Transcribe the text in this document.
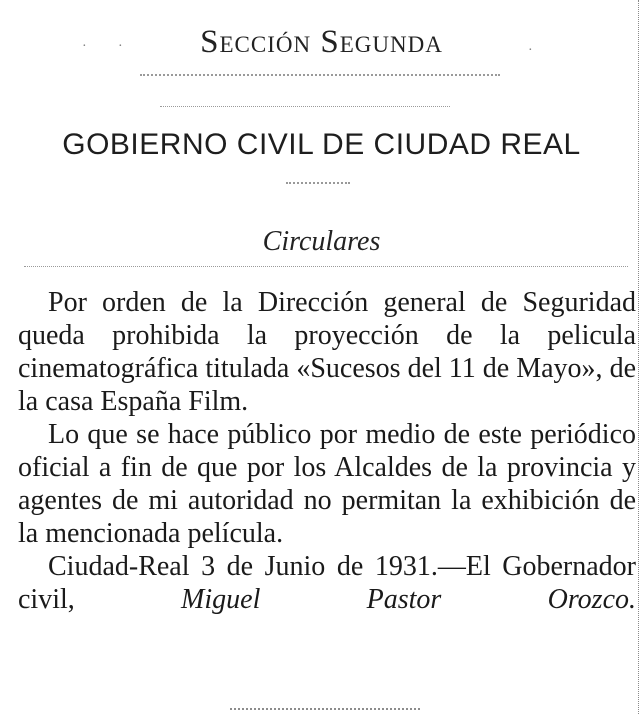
· ·	·
Sección Segunda
GOBIERNO CIVIL DE CIUDAD REAL
Circulares

Por orden de la Dirección general de Seguridad queda prohibida la proyección de la pelicula cinematográfica titulada «Sucesos del 11 de Mayo», de la casa España Film.

Lo que se hace público por medio de este periódico oficial a fin de que por los Alcaldes de la provincia y agentes de mi autoridad no permitan la exhibición de la mencionada película.

Ciudad-Real 3 de Junio de 1931.—El Gobernador civil,	Miguel Pastor Orozco.
